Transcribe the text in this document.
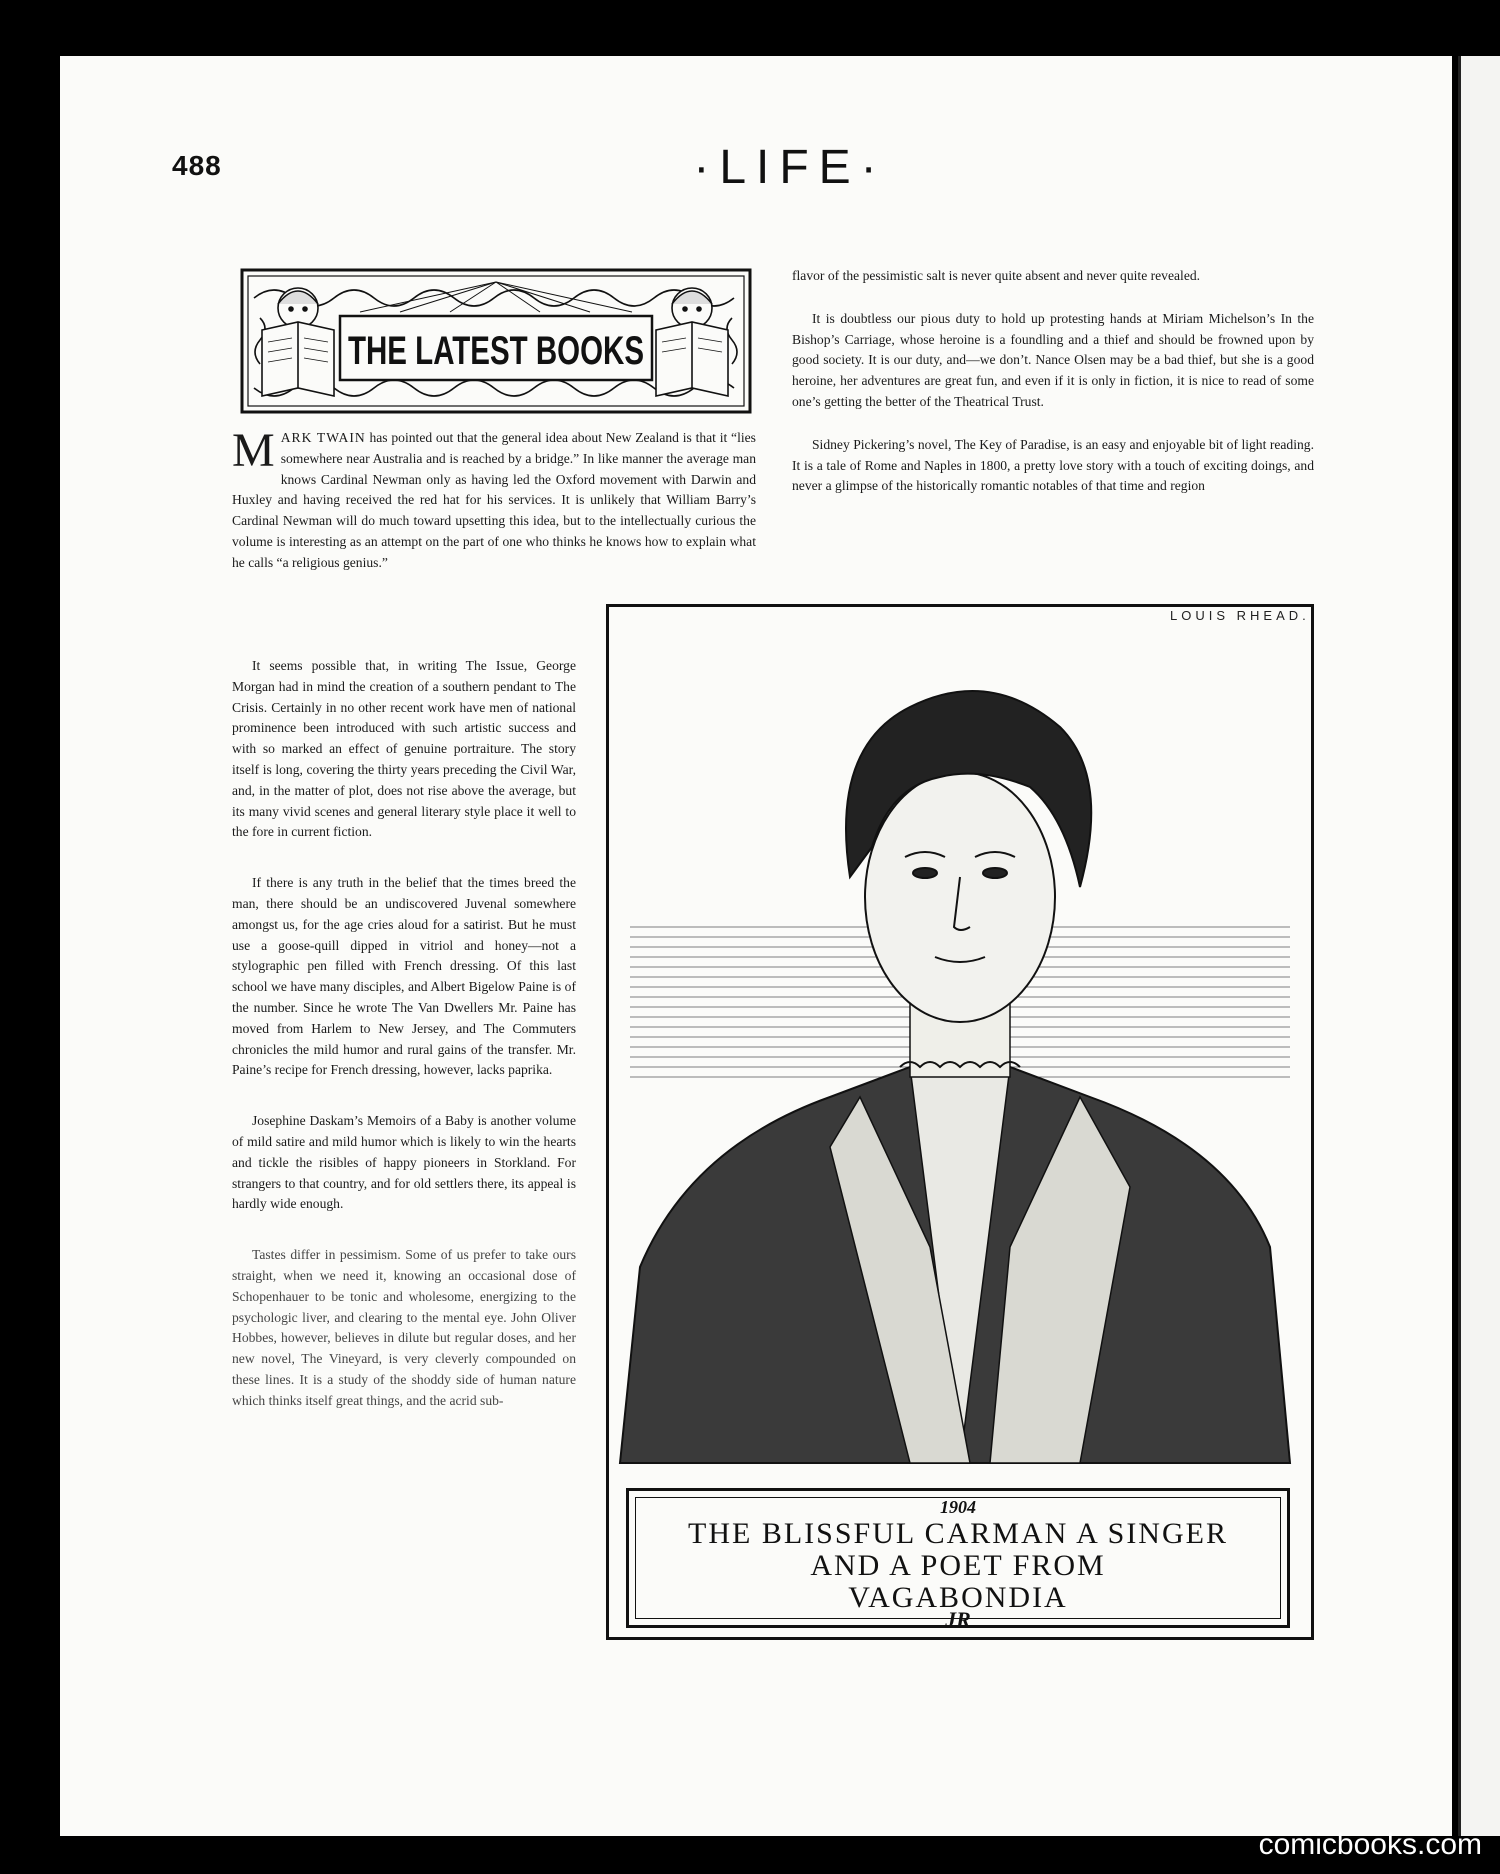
488	·LIFE·
THE LATEST BOOKS

MARK TWAIN has pointed out that the general idea about New Zealand is that it “lies somewhere near Australia and is reached by a bridge.” In like manner the average man knows Cardinal Newman only as having led the Oxford movement with Darwin and Huxley and having received the red hat for his services. It is unlikely that William Barry’s Cardinal Newman will do much toward upsetting this idea, but to the intellectually curious the volume is interesting as an attempt on the part of one who thinks he knows how to explain what he calls “a religious genius.”

It seems possible that, in writing The Issue, George Morgan had in mind the creation of a southern pendant to The Crisis. Certainly in no other recent work have men of national prominence been introduced with such artistic success and with so marked an effect of genuine portraiture. The story itself is long, covering the thirty years preceding the Civil War, and, in the matter of plot, does not rise above the average, but its many vivid scenes and general literary style place it well to the fore in current fiction.

If there is any truth in the belief that the times breed the man, there should be an undiscovered Juvenal somewhere amongst us, for the age cries aloud for a satirist. But he must use a goose-quill dipped in vitriol and honey—not a stylographic pen filled with French dressing. Of this last school we have many disciples, and Albert Bigelow Paine is of the number. Since he wrote The Van Dwellers Mr. Paine has moved from Harlem to New Jersey, and The Commuters chronicles the mild humor and rural gains of the transfer. Mr. Paine’s recipe for French dressing, however, lacks paprika.

Josephine Daskam’s Memoirs of a Baby is another volume of mild satire and mild humor which is likely to win the hearts and tickle the risibles of happy pioneers in Storkland. For strangers to that country, and for old settlers there, its appeal is hardly wide enough.

Tastes differ in pessimism. Some of us prefer to take ours straight, when we need it, knowing an occasional dose of Schopenhauer to be tonic and wholesome, energizing to the psychologic liver, and clearing to the mental eye. John Oliver Hobbes, however, believes in dilute but regular doses, and her new novel, The Vineyard, is very cleverly compounded on these lines. It is a study of the shoddy side of human nature which thinks itself great things, and the acrid sub-

flavor of the pessimistic salt is never quite absent and never quite revealed.

It is doubtless our pious duty to hold up protesting hands at Miriam Michelson’s In the Bishop’s Carriage, whose heroine is a foundling and a thief and should be frowned upon by good society. It is our duty, and—we don’t. Nance Olsen may be a bad thief, but she is a good heroine, her adventures are great fun, and even if it is only in fiction, it is nice to read of some one’s getting the better of the Theatrical Trust.

Sidney Pickering’s novel, The Key of Paradise, is an easy and enjoyable bit of light reading. It is a tale of Rome and Naples in 1800, a pretty love story with a touch of exciting doings, and never a glimpse of the historically romantic notables of that time and region

LOUIS RHEAD.
1904
THE BLISSFUL CARMAN A SINGER
AND A POET FROM
VAGABONDIA
JR
comicbooks.com
